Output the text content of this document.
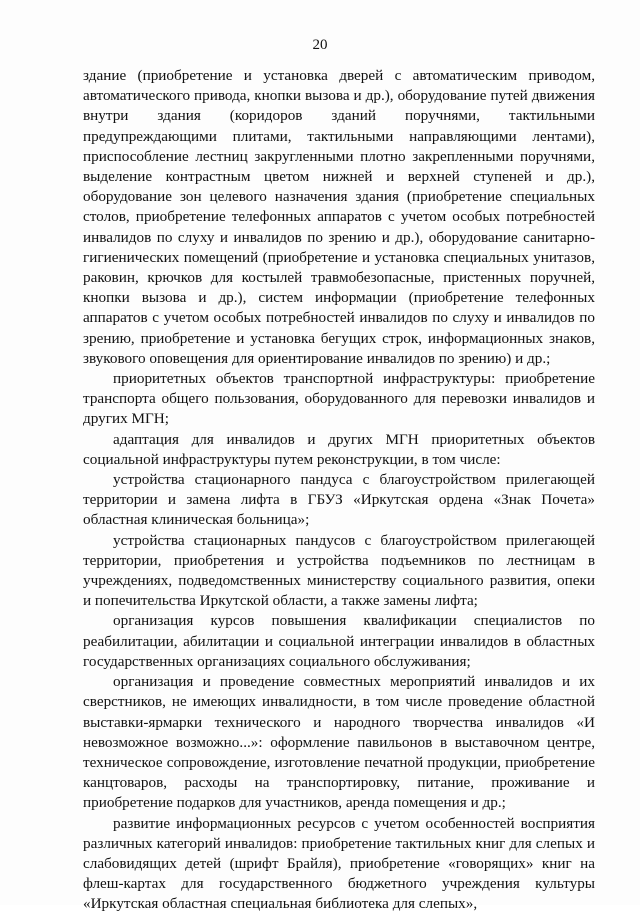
20

здание (приобретение и установка дверей с автоматическим приводом, автоматического привода, кнопки вызова и др.), оборудование путей движения внутри здания (коридоров зданий поручнями, тактильными предупреждающими плитами, тактильными направляющими лентами), приспособление лестниц закругленными плотно закрепленными поручнями, выделение контрастным цветом нижней и верхней ступеней и др.), оборудование зон целевого назначения здания (приобретение специальных столов, приобретение телефонных аппаратов с учетом особых потребностей инвалидов по слуху и инвалидов по зрению и др.), оборудование санитарно-гигиенических помещений (приобретение и установка специальных унитазов, раковин, крючков для костылей травмобезопасные, пристенных поручней, кнопки вызова и др.), систем информации (приобретение телефонных аппаратов с учетом особых потребностей инвалидов по слуху и инвалидов по зрению, приобретение и установка бегущих строк, информационных знаков, звукового оповещения для ориентирование инвалидов по зрению) и др.;

приоритетных объектов транспортной инфраструктуры: приобретение транспорта общего пользования, оборудованного для перевозки инвалидов и других МГН;

адаптация для инвалидов и других МГН приоритетных объектов социальной инфраструктуры путем реконструкции, в том числе:

устройства стационарного пандуса с благоустройством прилегающей территории и замена лифта в ГБУЗ «Иркутская ордена «Знак Почета» областная клиническая больница»;

устройства стационарных пандусов с благоустройством прилегающей территории, приобретения и устройства подъемников по лестницам в учреждениях, подведомственных министерству социального развития, опеки и попечительства Иркутской области, а также замены лифта;

организация курсов повышения квалификации специалистов по реабилитации, абилитации и социальной интеграции инвалидов в областных государственных организациях социального обслуживания;

организация и проведение совместных мероприятий инвалидов и их сверстников, не имеющих инвалидности, в том числе проведение областной выставки-ярмарки технического и народного творчества инвалидов «И невозможное возможно...»: оформление павильонов в выставочном центре, техническое сопровождение, изготовление печатной продукции, приобретение канцтоваров, расходы на транспортировку, питание, проживание и приобретение подарков для участников, аренда помещения и др.;

развитие информационных ресурсов с учетом особенностей восприятия различных категорий инвалидов: приобретение тактильных книг для слепых и слабовидящих детей (шрифт Брайля), приобретение «говорящих» книг на флеш-картах для государственного бюджетного учреждения культуры «Иркутская областная специальная библиотека для слепых»,
